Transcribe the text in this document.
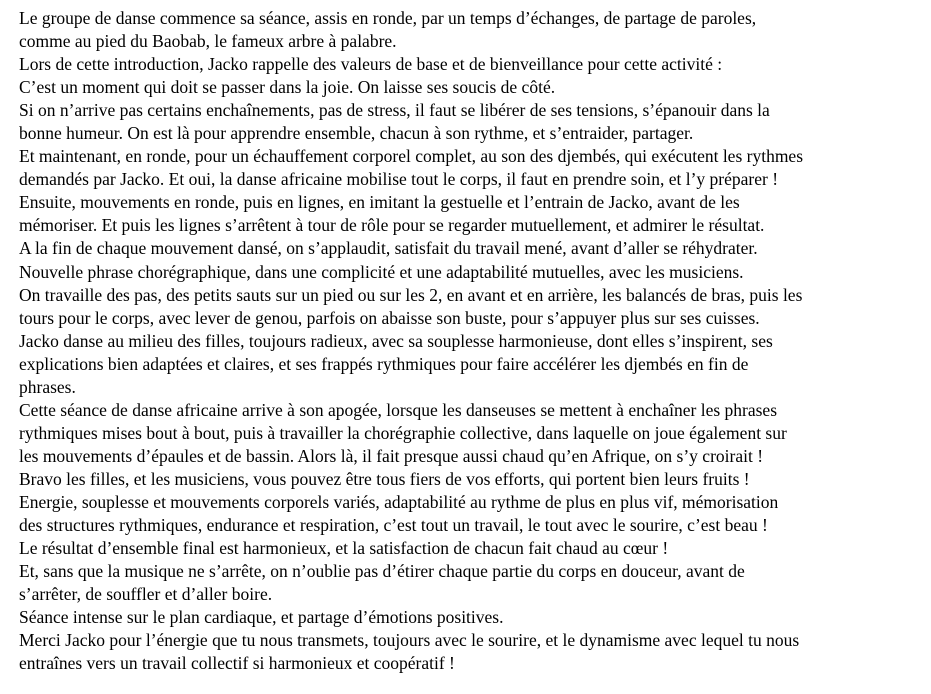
Le groupe de danse commence sa séance, assis en ronde, par un temps d’échanges, de partage de paroles,

comme au pied du Baobab, le fameux arbre à palabre.

Lors de cette introduction, Jacko rappelle des valeurs de base et de bienveillance pour cette activité :

C’est un moment qui doit se passer dans la joie. On laisse ses soucis de côté.

Si on n’arrive pas certains enchaînements, pas de stress, il faut se libérer de ses tensions, s’épanouir dans la

bonne humeur. On est là pour apprendre ensemble, chacun à son rythme, et s’entraider, partager.

Et maintenant, en ronde, pour un échauffement corporel complet, au son des djembés, qui exécutent les rythmes

demandés par Jacko. Et oui, la danse africaine mobilise tout le corps, il faut en prendre soin, et l’y préparer !

Ensuite, mouvements en ronde, puis en lignes, en imitant la gestuelle et l’entrain de Jacko, avant de les

mémoriser. Et puis les lignes s’arrêtent à tour de rôle pour se regarder mutuellement, et admirer le résultat.

A la fin de chaque mouvement dansé, on s’applaudit, satisfait du travail mené, avant d’aller se réhydrater.

Nouvelle phrase chorégraphique, dans une complicité et une adaptabilité mutuelles, avec les musiciens.

On travaille des pas, des petits sauts sur un pied ou sur les 2, en avant et en arrière, les balancés de bras, puis les

tours pour le corps, avec lever de genou, parfois on abaisse son buste, pour s’appuyer plus sur ses cuisses.

Jacko danse au milieu des filles, toujours radieux, avec sa souplesse harmonieuse, dont elles s’inspirent, ses

explications bien adaptées et claires, et ses frappés rythmiques pour faire accélérer les djembés en fin de

phrases.

Cette séance de danse africaine arrive à son apogée, lorsque les danseuses se mettent à enchaîner les phrases

rythmiques mises bout à bout, puis à travailler la chorégraphie collective, dans laquelle on joue également sur

les mouvements d’épaules et de bassin. Alors là, il fait presque aussi chaud qu’en Afrique, on s’y croirait !

Bravo les filles, et les musiciens, vous pouvez être tous fiers de vos efforts, qui portent bien leurs fruits !

Energie, souplesse et mouvements corporels variés, adaptabilité au rythme de plus en plus vif, mémorisation

des structures rythmiques, endurance et respiration, c’est tout un travail, le tout avec le sourire, c’est beau !

Le résultat d’ensemble final est harmonieux, et la satisfaction de chacun fait chaud au cœur !

Et, sans que la musique ne s’arrête, on n’oublie pas d’étirer chaque partie du corps en douceur, avant de

s’arrêter, de souffler et d’aller boire.

Séance intense sur le plan cardiaque, et partage d’émotions positives.

Merci Jacko pour l’énergie que tu nous transmets, toujours avec le sourire, et le dynamisme avec lequel tu nous

entraînes vers un travail collectif si harmonieux et coopératif !
